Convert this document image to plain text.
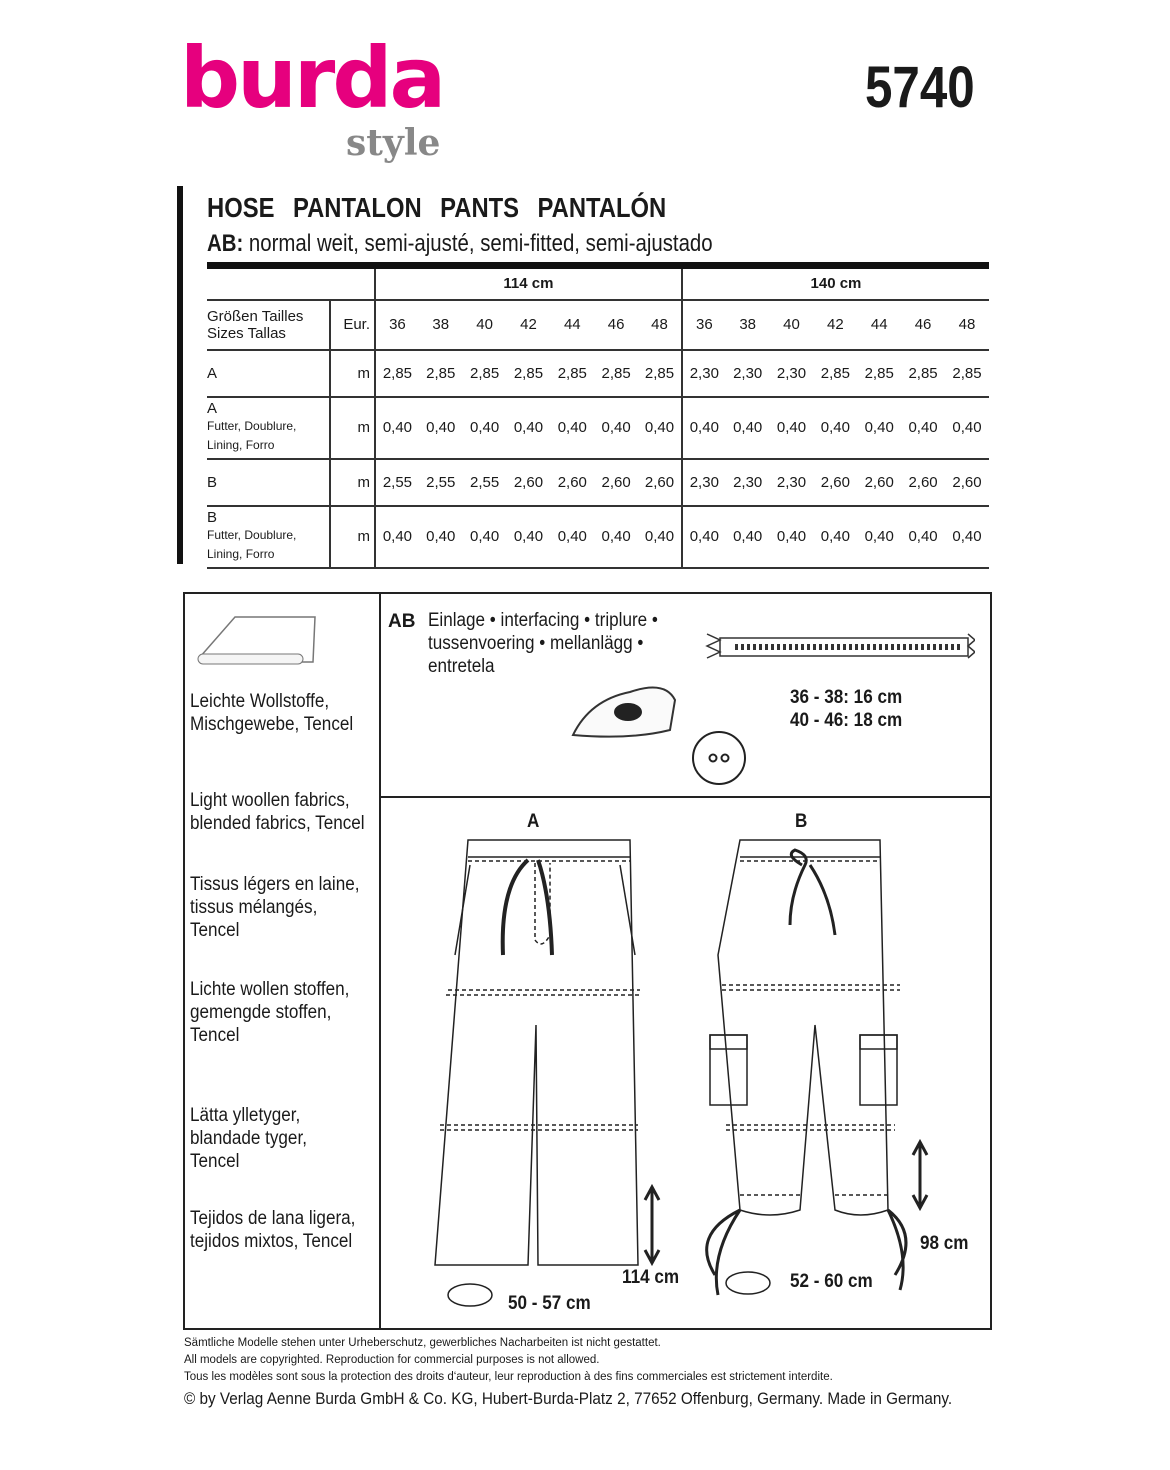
burda
style
5740
HOSE PANTALON PANTS PANTALÓN
AB: normal weit, semi-ajusté, semi-fitted, semi-ajustado
		114 cm							140 cm						
Größen Tailles
Sizes Tallas	Eur.	36	38	40	42	44	46	48	36	38	40	42	44	46	48
A	m	2,85	2,85	2,85	2,85	2,85	2,85	2,85	2,30	2,30	2,30	2,85	2,85	2,85	2,85
A
Futter, Doublure, Lining, Forro	m	0,40	0,40	0,40	0,40	0,40	0,40	0,40	0,40	0,40	0,40	0,40	0,40	0,40	0,40
B	m	2,55	2,55	2,55	2,60	2,60	2,60	2,60	2,30	2,30	2,30	2,60	2,60	2,60	2,60
B
Futter, Doublure, Lining, Forro	m	0,40	0,40	0,40	0,40	0,40	0,40	0,40	0,40	0,40	0,40	0,40	0,40	0,40	0,40
Leichte Wollstoffe,
Mischgewebe, Tencel
Light woollen fabrics,
blended fabrics, Tencel
Tissus légers en laine,
tissus mélangés,
Tencel
Lichte wollen stoffen,
gemengde stoffen,
Tencel
Lätta ylletyger,
blandade tyger,
Tencel
Tejidos de lana ligera,
tejidos mixtos, Tencel
AB Einlage • interfacing • triplure •
tussenvoering • mellanlägg •
entretela
36 - 38: 16 cm
40 - 46: 18 cm
A	B
50 - 57 cm
114 cm	52 - 60 cm
98 cm
Sämtliche Modelle stehen unter Urheberschutz, gewerbliches Nacharbeiten ist nicht gestattet.
All models are copyrighted. Reproduction for commercial purposes is not allowed.
Tous les modèles sont sous la protection des droits d‘auteur, leur reproduction à des fins commerciales est strictement interdite.
© by Verlag Aenne Burda GmbH & Co. KG, Hubert-Burda-Platz 2, 77652 Offenburg, Germany. Made in Germany.
